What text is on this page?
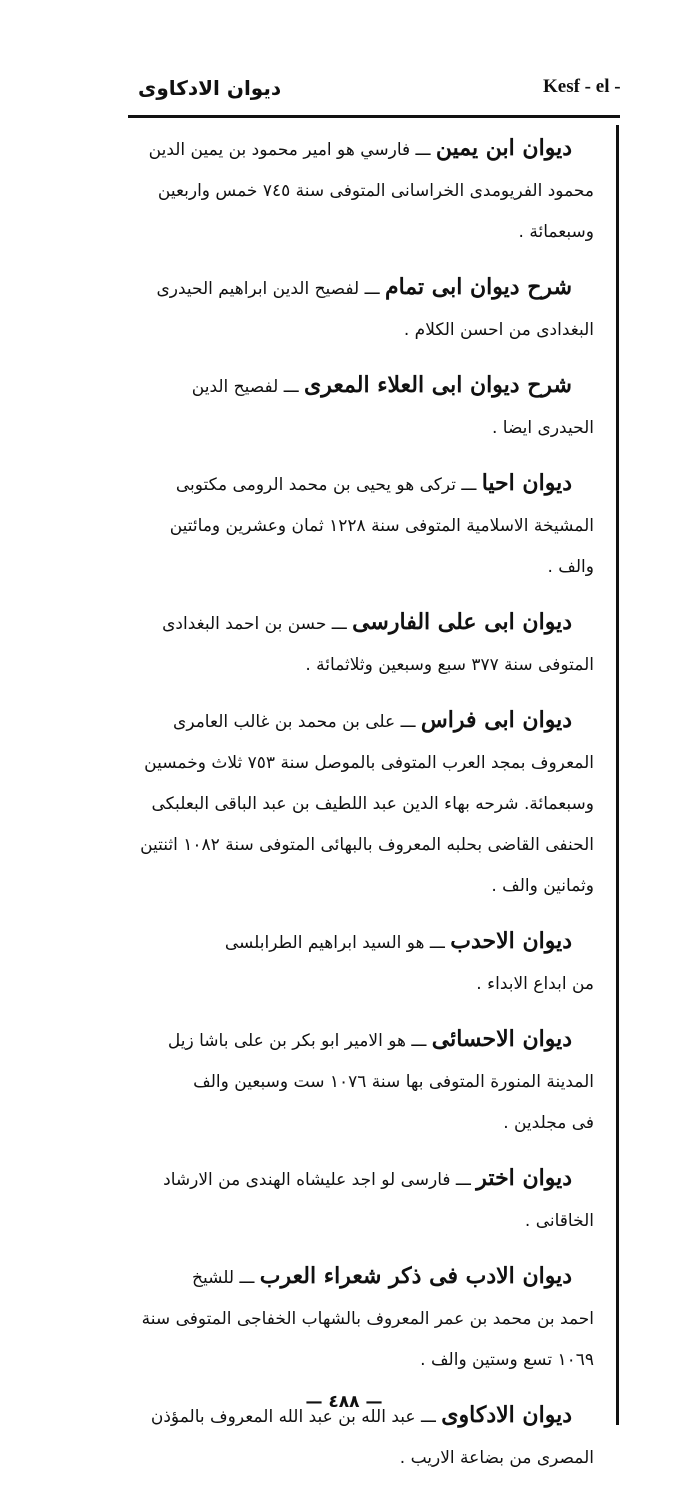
ديوان الادكاوى	Kesf - el -
ديوان ابن يمين ـــ فارسي هو امير محمود بن يمين الدين
محمود الفريومدى الخراسانى المتوفى سنة ٧٤٥ خمس واربعين
وسبعمائة .
شرح ديوان ابى تمام ـــ لفصيح الدين ابراهيم الحيدرى
البغدادى من احسن الكلام .
شرح ديوان ابى العلاء المعرى ـــ لفصيح الدين
الحيدرى ايضا .
ديوان احيا ـــ تركى هو يحيى بن محمد الرومى مكتوبى
المشيخة الاسلامية المتوفى سنة ١٢٢٨ ثمان وعشرين ومائتين
والف .
ديوان ابى على الفارسى ـــ حسن بن احمد البغدادى
المتوفى سنة ٣٧٧ سبع وسبعين وثلاثمائة .
ديوان ابى فراس ـــ على بن محمد بن غالب العامرى
المعروف بمجد العرب المتوفى بالموصل سنة ٧٥٣ ثلاث وخمسين
وسبعمائة. شرحه بهاء الدين عبد اللطيف بن عبد الباقى البعلبكى
الحنفى القاضى بحلبه المعروف بالبهائى المتوفى سنة ١٠٨٢ اثنتين
وثمانين والف .
ديوان الاحدب ـــ هو السيد ابراهيم الطرابلسى
من ابداع الابداء .
ديوان الاحسائى ـــ هو الامير ابو بكر بن على باشا زيل
المدينة المنورة المتوفى بها سنة ١٠٧٦ ست وسبعين والف
فى مجلدين .
ديوان اختر ـــ فارسى لو اجد عليشاه الهندى من الارشاد
الخاقانى .
ديوان الادب فى ذكر شعراء العرب ـــ للشيخ
احمد بن محمد بن عمر المعروف بالشهاب الخفاجى المتوفى سنة
١٠٦٩ تسع وستين والف .
ديوان الادكاوى ـــ عبد الله بن عبد الله المعروف بالمؤذن
المصرى من بضاعة الاريب .
— ٤٨٨ —
